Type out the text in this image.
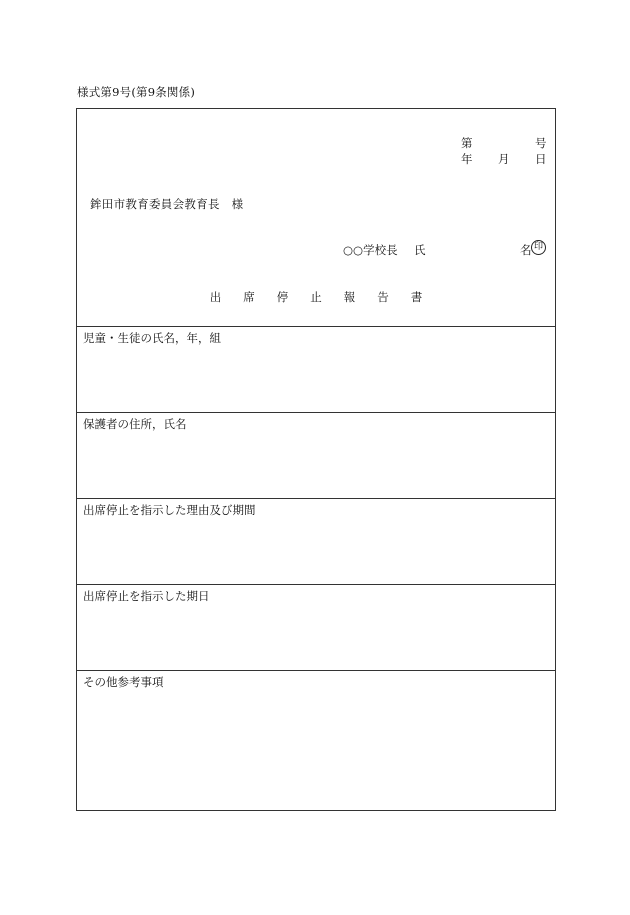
様式第9号(第9条関係)
第	号
年 月 日
鉾田市教育委員会教育長　様
○○学校長 氏	名 印
出席停止報告書
児童・生徒の氏名，年，組
保護者の住所，氏名
出席停止を指示した理由及び期間
出席停止を指示した期日
その他参考事項
